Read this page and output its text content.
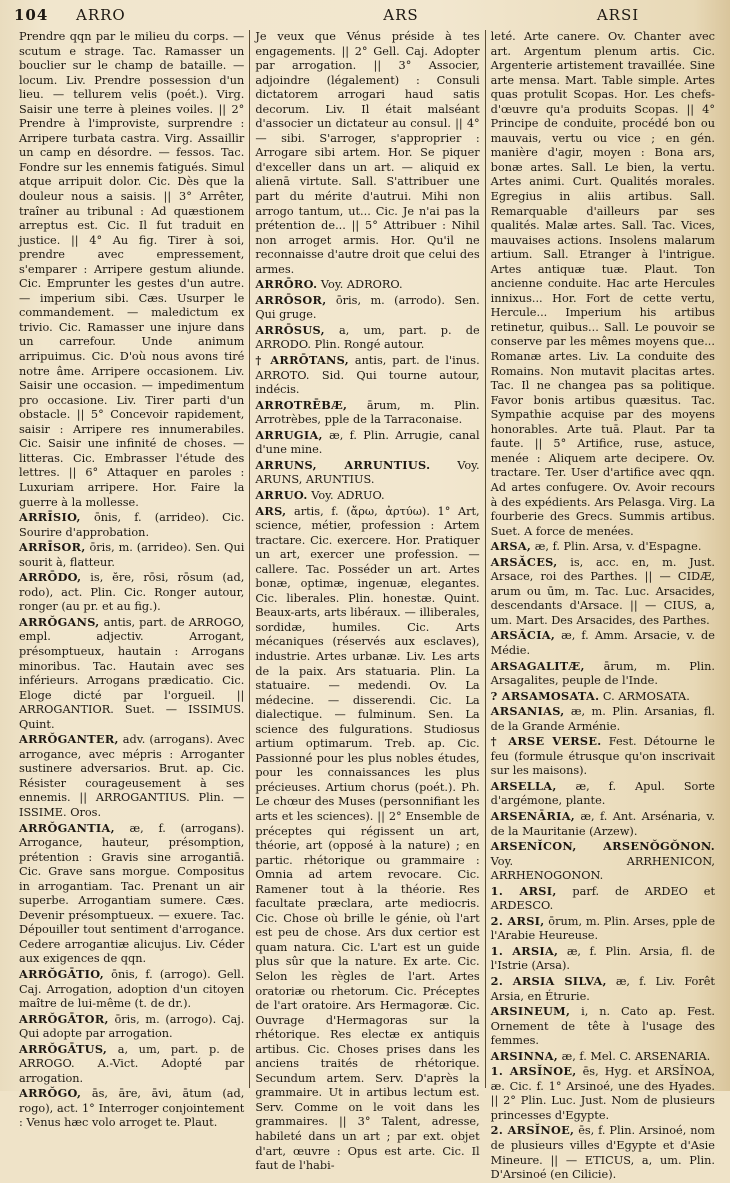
104	ARRO	ARS	ARSI

Prendre qqn par le milieu du corps. — scutum e strage. Tac. Ramasser un bouclier sur le champ de bataille. — locum. Liv. Prendre possession d'un lieu. — tellurem velis (poét.). Virg. Saisir une terre à pleines voiles. || 2° Prendre à l'improviste, surprendre : Arripere turbata castra. Virg. Assaillir un camp en désordre. — fessos. Tac. Fondre sur les ennemis fatigués. Simul atque arripuit dolor. Cic. Dès que la douleur nous a saisis. || 3° Arrêter, traîner au tribunal : Ad quæstionem arreptus est. Cic. Il fut traduit en justice. || 4° Au fig. Tirer à soi, prendre avec empressement, s'emparer : Arripere gestum aliunde. Cic. Emprunter les gestes d'un autre. — imperium sibi. Cæs. Usurper le commandement. — maledictum ex trivio. Cic. Ramasser une injure dans un carrefour. Unde animum arripuimus. Cic. D'où nous avons tiré notre âme. Arripere occasionem. Liv. Saisir une occasion. — impedimentum pro occasione. Liv. Tirer parti d'un obstacle. || 5° Concevoir rapidement, saisir : Arripere res innumerabiles. Cic. Saisir une infinité de choses. — litteras. Cic. Embrasser l'étude des lettres. || 6° Attaquer en paroles : Luxuriam arripere. Hor. Faire la guerre à la mollesse.

ARRĪSIO, ōnis, f. (arrideo). Cic. Sourire d'approbation.

ARRĪSOR, ōris, m. (arrideo). Sen. Qui sourit à, flatteur.

ARRŌDO, is, ĕre, rōsi, rōsum (ad, rodo), act. Plin. Cic. Ronger autour, ronger (au pr. et au fig.).

ARRŎGANS, antis, part. de ARROGO, empl. adjectiv. Arrogant, présomptueux, hautain : Arrogans minoribus. Tac. Hautain avec ses inférieurs. Arrogans prædicatio. Cic. Eloge dicté par l'orgueil. || ARROGANTIOR. Suet. — ISSIMUS. Quint.

ARRŎGANTER, adv. (arrogans). Avec arrogance, avec mépris : Arroganter sustinere adversarios. Brut. ap. Cic. Résister courageusement à ses ennemis. || ARROGANTIUS. Plin. — ISSIME. Oros.

ARRŎGANTIA, æ, f. (arrogans). Arrogance, hauteur, présomption, prétention : Gravis sine arrogantiā. Cic. Grave sans morgue. Compositus in arrogantiam. Tac. Prenant un air superbe. Arrogantiam sumere. Cæs. Devenir présomptueux. — exuere. Tac. Dépouiller tout sentiment d'arrogance. Cedere arrogantiæ alicujus. Liv. Céder aux exigences de qqn.

ARRŎGĀTIO, ōnis, f. (arrogo). Gell. Caj. Arrogation, adoption d'un citoyen maître de lui-même (t. de dr.).

ARRŎGĀTOR, ōris, m. (arrogo). Caj. Qui adopte par arrogation.

ARRŎGĀTUS, a, um, part. p. de ARROGO. A.-Vict. Adopté par arrogation.

ARRŎGO, ās, āre, āvi, ātum (ad, rogo), act. 1° Interroger conjointement : Venus hæc volo arroget te. Plaut.

Je veux que Vénus préside à tes engagements. || 2° Gell. Caj. Adopter par arrogation. || 3° Associer, adjoindre (légalement) : Consuli dictatorem arrogari haud satis decorum. Liv. Il était malséant d'associer un dictateur au consul. || 4° — sibi. S'arroger, s'approprier : Arrogare sibi artem. Hor. Se piquer d'exceller dans un art. — aliquid ex alienā virtute. Sall. S'attribuer une part du mérite d'autrui. Mihi non arrogo tantum, ut... Cic. Je n'ai pas la prétention de... || 5° Attribuer : Nihil non arroget armis. Hor. Qu'il ne reconnaisse d'autre droit que celui des armes.

ARRŌRO. Voy. ADRORO.

ARRŌSOR, ōris, m. (arrodo). Sen. Qui gruge.

ARRŌSUS, a, um, part. p. de ARRODO. Plin. Rongé autour.

† ARRŌTANS, antis, part. de l'inus. ARROTO. Sid. Qui tourne autour, indécis.

ARROTRĒBÆ, ārum, m. Plin. Arrotrèbes, pple de la Tarraconaise.

ARRUGIA, æ, f. Plin. Arrugie, canal d'une mine.

ARRUNS, ARRUNTIUS. Voy. ARUNS, ARUNTIUS.

ARRUO. Voy. ADRUO.

ARS, artis, f. (ἄρω, ἀρτύω). 1° Art, science, métier, profession : Artem tractare. Cic. exercere. Hor. Pratiquer un art, exercer une profession. — callere. Tac. Posséder un art. Artes bonæ, optimæ, ingenuæ, elegantes. Cic. liberales. Plin. honestæ. Quint. Beaux-arts, arts libéraux. — illiberales, sordidæ, humiles. Cic. Arts mécaniques (réservés aux esclaves), industrie. Artes urbanæ. Liv. Les arts de la paix. Ars statuaria. Plin. La statuaire. — medendi. Ov. La médecine. — disserendi. Cic. La dialectique. — fulminum. Sen. La science des fulgurations. Studiosus artium optimarum. Treb. ap. Cic. Passionné pour les plus nobles études, pour les connaissances les plus précieuses. Artium chorus (poét.). Ph. Le chœur des Muses (personnifiant les arts et les sciences). || 2° Ensemble de préceptes qui régissent un art, théorie, art (opposé à la nature) ; en partic. rhétorique ou grammaire : Omnia ad artem revocare. Cic. Ramener tout à la théorie. Res facultate præclara, arte mediocris. Cic. Chose où brille le génie, où l'art est peu de chose. Ars dux certior est quam natura. Cic. L'art est un guide plus sûr que la nature. Ex arte. Cic. Selon les règles de l'art. Artes oratoriæ ou rhetorum. Cic. Préceptes de l'art oratoire. Ars Hermagoræ. Cic. Ouvrage d'Hermagoras sur la rhétorique. Res electæ ex antiquis artibus. Cic. Choses prises dans les anciens traités de rhétorique. Secundum artem. Serv. D'après la grammaire. Ut in artibus lectum est. Serv. Comme on le voit dans les grammaires. || 3° Talent, adresse, habileté dans un art ; par ext. objet d'art, œuvre : Opus est arte. Cic. Il faut de l'habi-

leté. Arte canere. Ov. Chanter avec art. Argentum plenum artis. Cic. Argenterie artistement travaillée. Sine arte mensa. Mart. Table simple. Artes quas protulit Scopas. Hor. Les chefs-d'œuvre qu'a produits Scopas. || 4° Principe de conduite, procédé bon ou mauvais, vertu ou vice ; en gén. manière d'agir, moyen : Bona ars, bonæ artes. Sall. Le bien, la vertu. Artes animi. Curt. Qualités morales. Egregius in aliis artibus. Sall. Remarquable d'ailleurs par ses qualités. Malæ artes. Sall. Tac. Vices, mauvaises actions. Insolens malarum artium. Sall. Etranger à l'intrigue. Artes antiquæ tuæ. Plaut. Ton ancienne conduite. Hac arte Hercules innixus... Hor. Fort de cette vertu, Hercule... Imperium his artibus retinetur, quibus... Sall. Le pouvoir se conserve par les mêmes moyens que... Romanæ artes. Liv. La conduite des Romains. Non mutavit placitas artes. Tac. Il ne changea pas sa politique. Favor bonis artibus quæsitus. Tac. Sympathie acquise par des moyens honorables. Arte tuā. Plaut. Par ta faute. || 5° Artifice, ruse, astuce, menée : Aliquem arte decipere. Ov. tractare. Ter. User d'artifice avec qqn. Ad artes confugere. Ov. Avoir recours à des expédients. Ars Pelasga. Virg. La fourberie des Grecs. Summis artibus. Suet. A force de menées.

ARSA, æ, f. Plin. Arsa, v. d'Espagne.

ARSĂCES, is, acc. en, m. Just. Arsace, roi des Parthes. || — CIDÆ, arum ou ūm, m. Tac. Luc. Arsacides, descendants d'Arsace. || — CIUS, a, um. Mart. Des Arsacides, des Parthes.

ARSĂCIA, æ, f. Amm. Arsacie, v. de Médie.

ARSAGALITÆ, ārum, m. Plin. Arsagalites, peuple de l'Inde.

? ARSAMOSATA. C. ARMOSATA.

ARSANIAS, æ, m. Plin. Arsanias, fl. de la Grande Arménie.

† ARSE VERSE. Fest. Détourne le feu (formule étrusque qu'on inscrivait sur les maisons).

ARSELLA, æ, f. Apul. Sorte d'argémone, plante.

ARSENĀRIA, æ, f. Ant. Arsénaria, v. de la Mauritanie (Arzew).

ARSENĬCON, ARSENŎGŎNON. Voy. ARRHENICON, ARRHENOGONON.

1. ARSI, parf. de ARDEO et ARDESCO.

2. ARSI, ōrum, m. Plin. Arses, pple de l'Arabie Heureuse.

1. ARSIA, æ, f. Plin. Arsia, fl. de l'Istrie (Arsa).

2. ARSIA SILVA, æ, f. Liv. Forêt Arsia, en Étrurie.

ARSINEUM, i, n. Cato ap. Fest. Ornement de tête à l'usage des femmes.

ARSINNA, æ, f. Mel. C. ARSENARIA.

1. ARSĬNOE, ēs, Hyg. et ARSĬNOA, æ. Cic. f. 1° Arsinoé, une des Hyades. || 2° Plin. Luc. Just. Nom de plusieurs princesses d'Egypte.

2. ARSĬNOE, ēs, f. Plin. Arsinoé, nom de plusieurs villes d'Egypte et d'Asie Mineure. || — ETICUS, a, um. Plin. D'Arsinoé (en Cilicie).
